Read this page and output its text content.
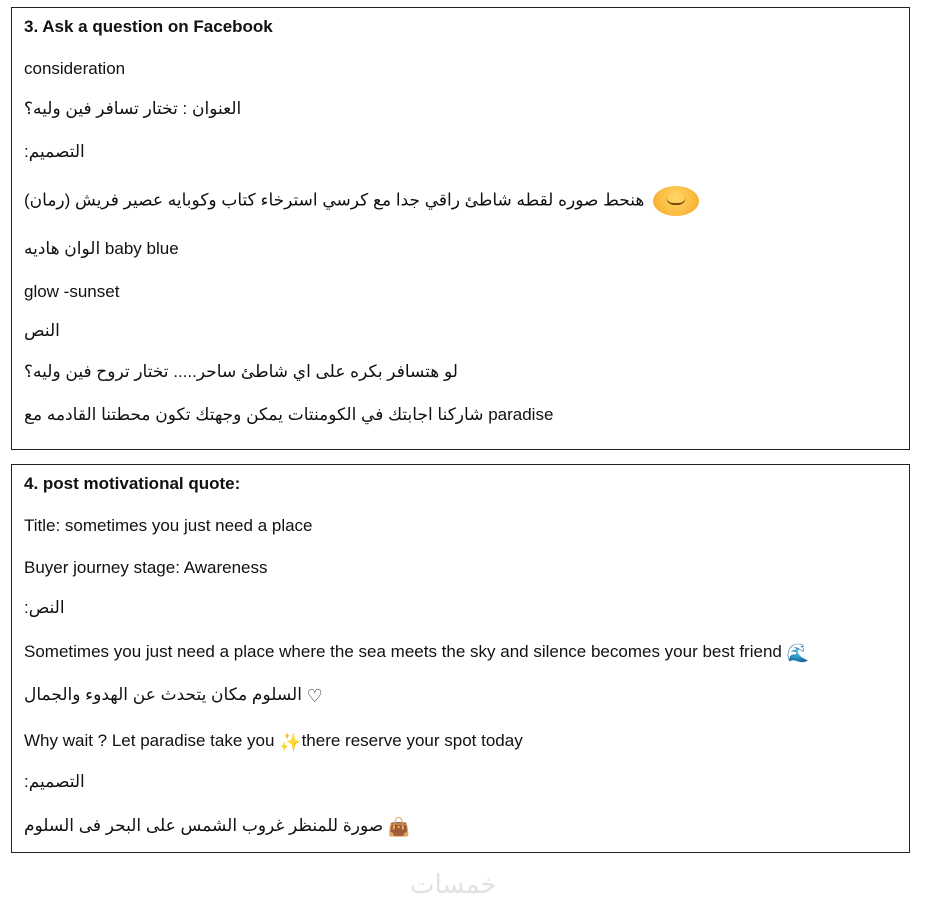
3. Ask a question on Facebook
consideration
العنوان : تختار تسافر فين وليه؟
التصميم:
هنحط صوره لقطه شاطئ راقي جدا مع كرسي استرخاء كتاب وكوبايه عصير فريش (رمان)
الوان هاديه baby blue
glow -sunset
النص
لو هتسافر بكره على اي شاطئ ساحر..... تختار تروح فين وليه؟
شاركنا اجابتك في الكومنتات يمكن وجهتك تكون محطتنا القادمه مع paradise
4. post motivational quote:
Title: sometimes you just need a place
Buyer journey stage: Awareness
النص:
Sometimes you just need a place where the sea meets the sky and silence becomes your best friend 🌊
السلوم مكان يتحدث عن الهدوء والجمال ♡
Why wait ? Let paradise take you ✨there reserve your spot today
التصميم:
صورة للمنظر غروب الشمس على البحر فى السلوم 👜
خمسات
